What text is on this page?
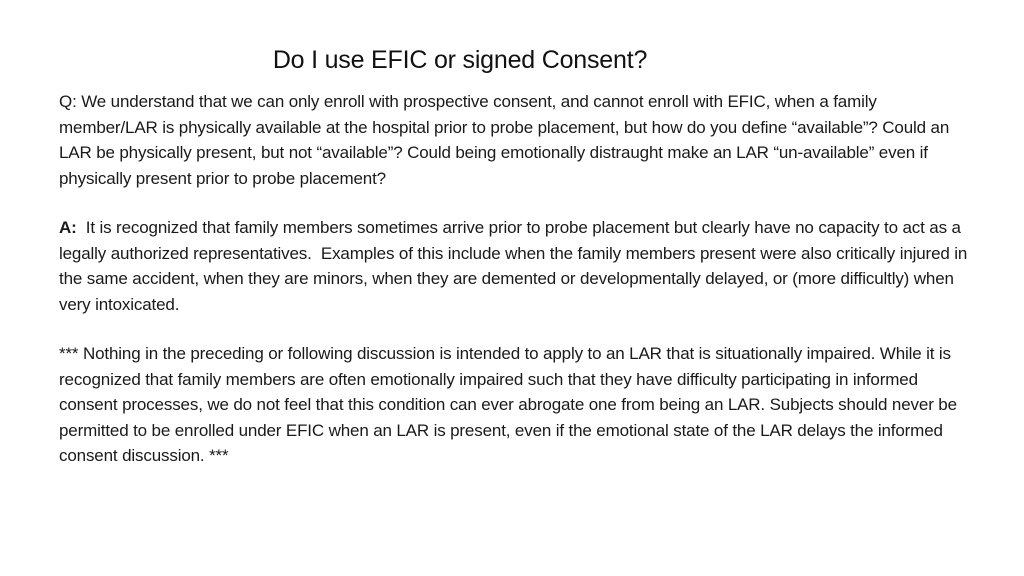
Do I use EFIC or signed Consent?

Q: We understand that we can only enroll with prospective consent, and cannot enroll with EFIC, when a family member/LAR is physically available at the hospital prior to probe placement, but how do you define “available”? Could an LAR be physically present, but not “available”? Could being emotionally distraught make an LAR “un-available” even if physically present prior to probe placement?

A:  It is recognized that family members sometimes arrive prior to probe placement but clearly have no capacity to act as a legally authorized representatives.  Examples of this include when the family members present were also critically injured in the same accident, when they are minors, when they are demented or developmentally delayed, or (more difficultly) when very intoxicated.

*** Nothing in the preceding or following discussion is intended to apply to an LAR that is situationally impaired. While it is recognized that family members are often emotionally impaired such that they have difficulty participating in informed consent processes, we do not feel that this condition can ever abrogate one from being an LAR. Subjects should never be permitted to be enrolled under EFIC when an LAR is present, even if the emotional state of the LAR delays the informed consent discussion. ***
